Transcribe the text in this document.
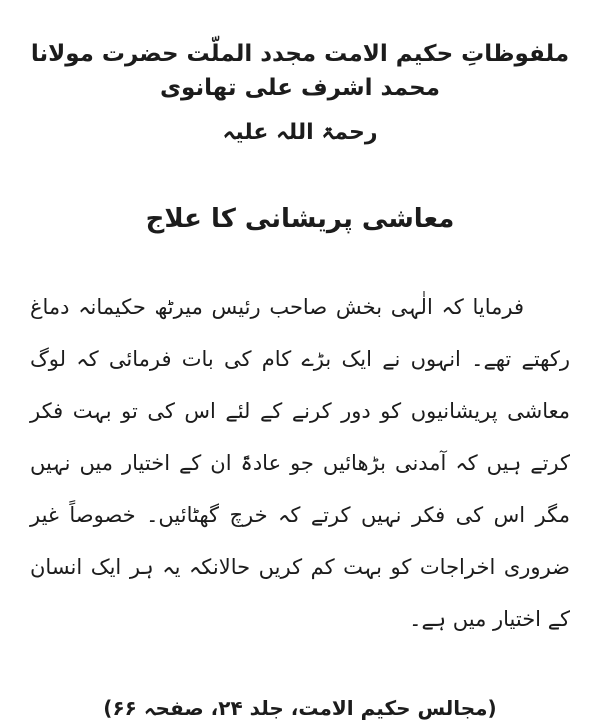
ملفوظاتِ حکیم الامت مجدد الملّت حضرت مولانا محمد اشرف علی تھانوی
رحمۃ اللہ علیہ
معاشی پریشانی کا علاج

فرمایا کہ الٰہی بخش صاحب رئیس میرٹھ حکیمانہ دماغ رکھتے تھے۔ انہوں نے ایک بڑے کام کی بات فرمائی کہ لوگ معاشی پریشانیوں کو دور کرنے کے لئے اس کی تو بہت فکر کرتے ہیں کہ آمدنی بڑھائیں جو عادۃً ان کے اختیار میں نہیں مگر اس کی فکر نہیں کرتے کہ خرچ گھٹائیں۔ خصوصاً غیر ضروری اخراجات کو بہت کم کریں حالانکہ یہ ہر ایک انسان کے اختیار میں ہے۔

(مجالس حکیم الامت، جلد ۲۴، صفحہ ۶۶)
